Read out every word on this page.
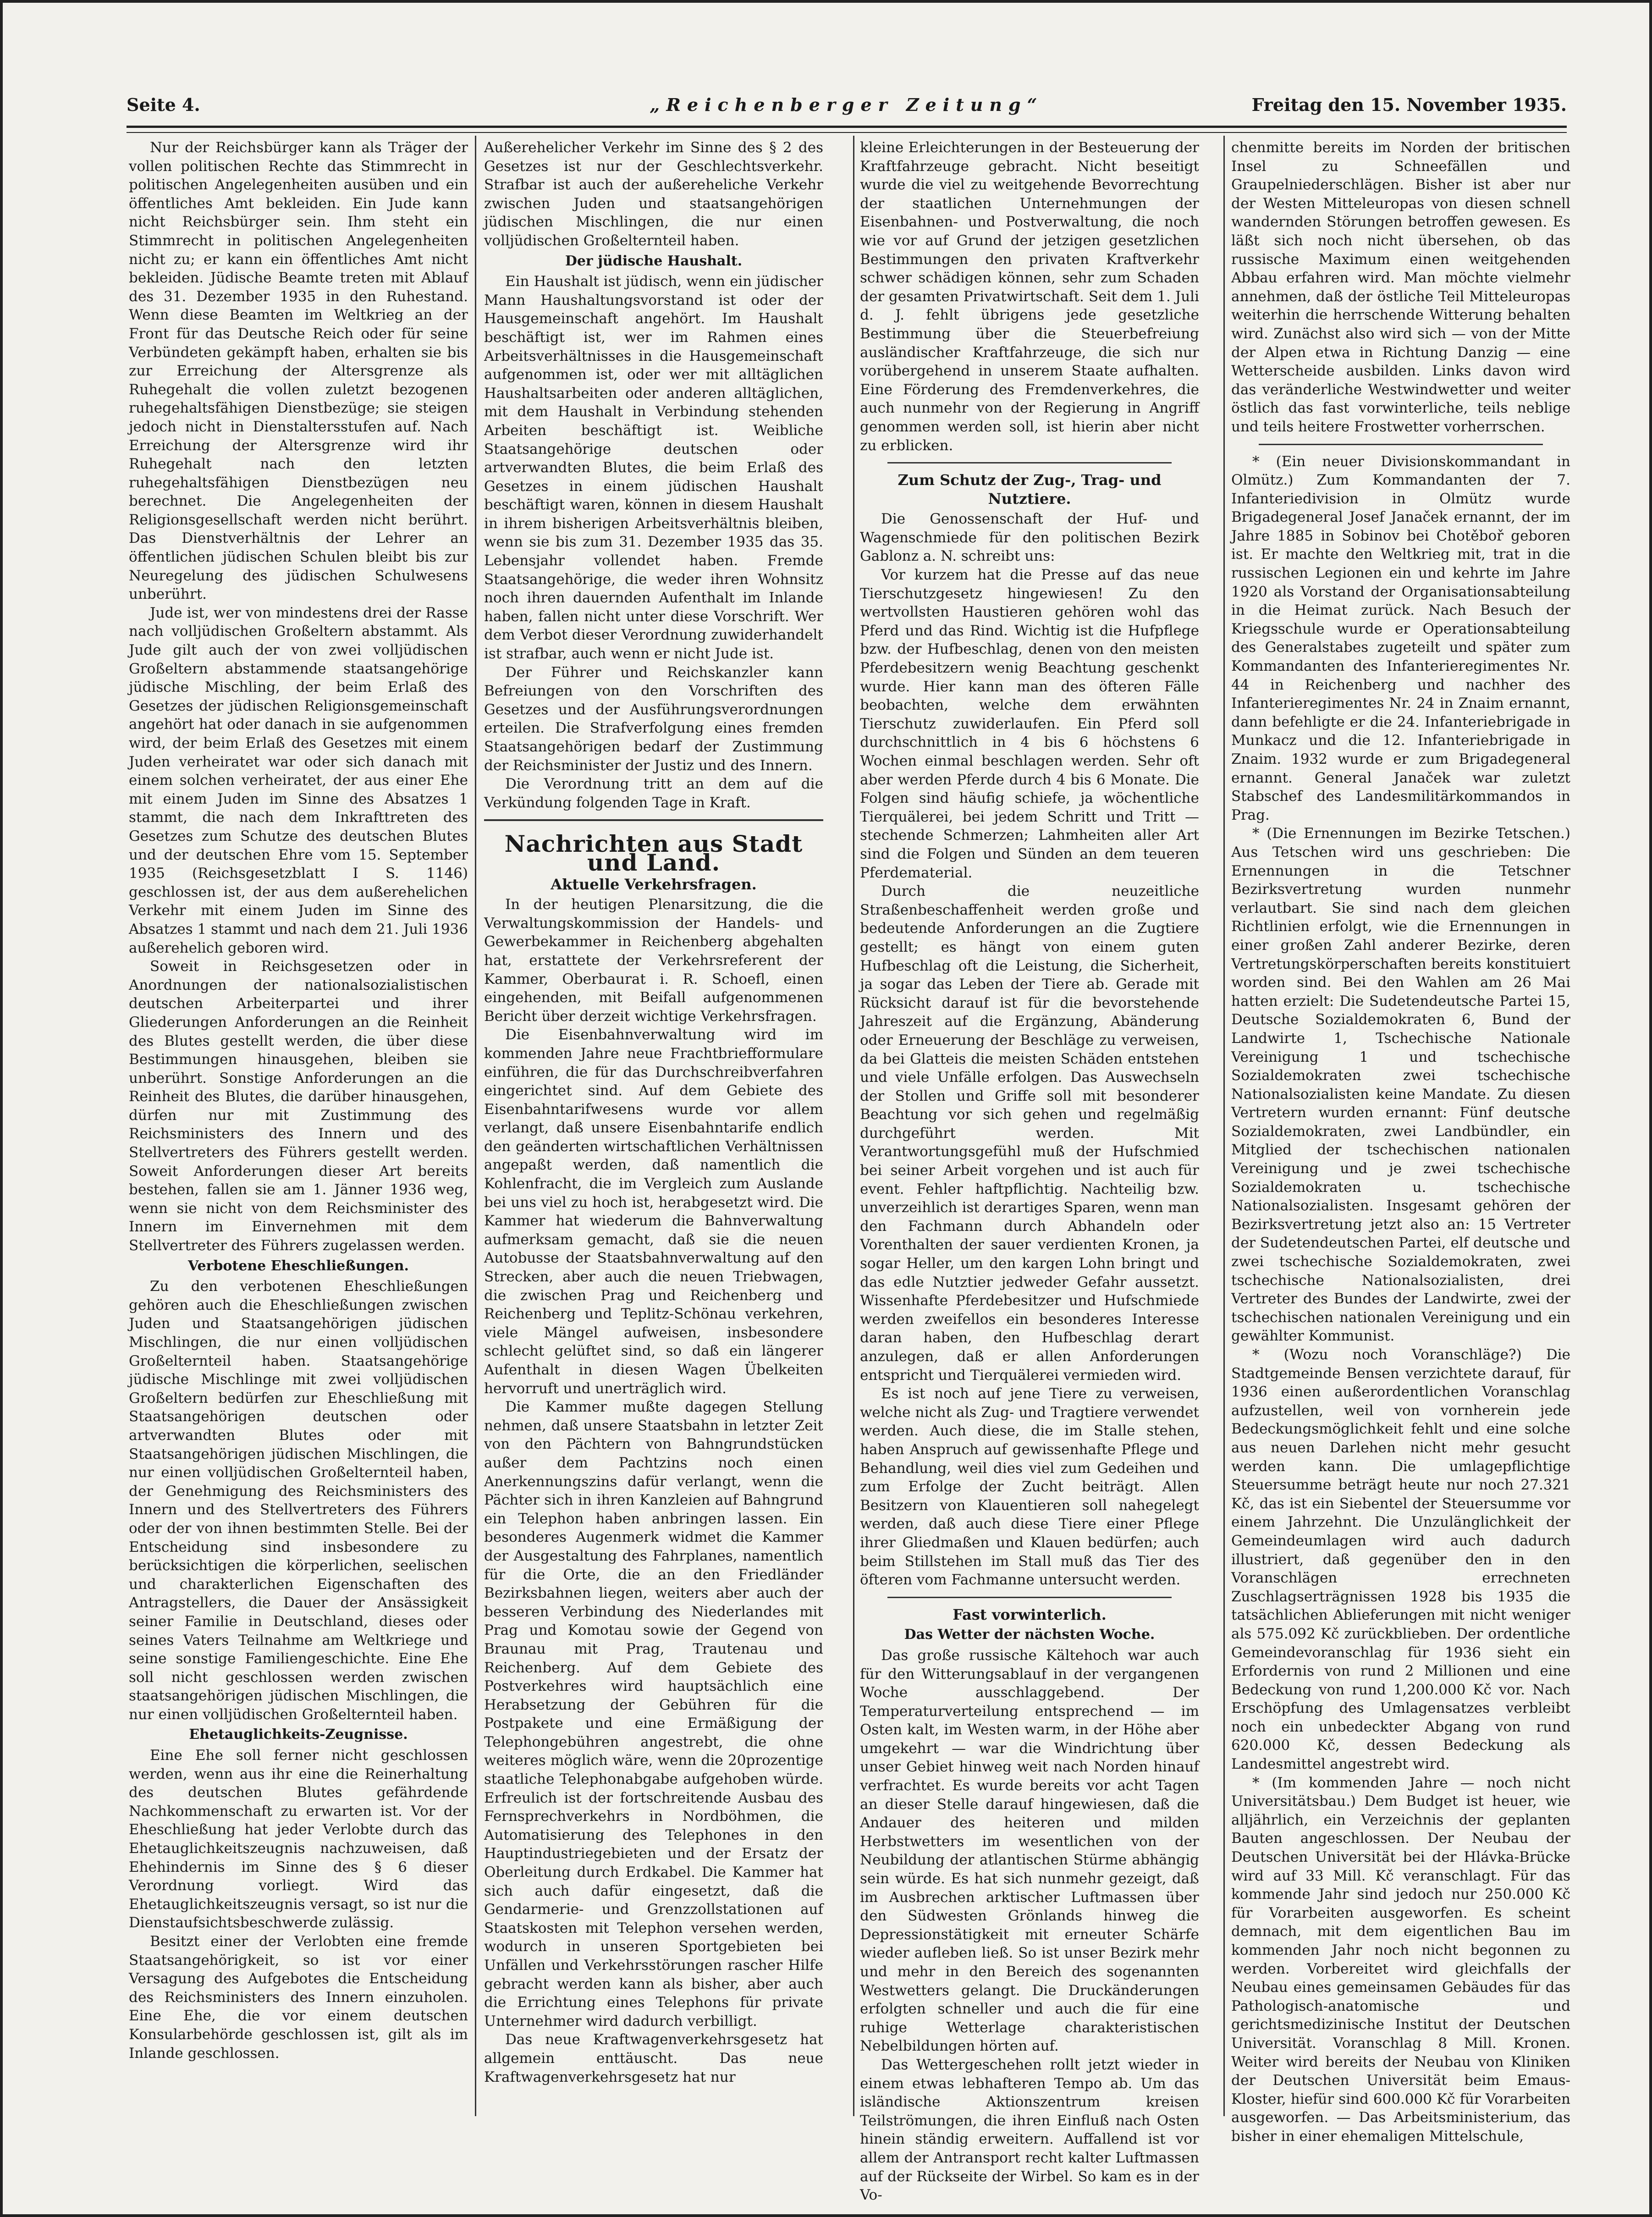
Seite 4.	„Reichenberger Zeitung“	Freitag den 15. November 1935.

Nur der Reichsbürger kann als Träger der vollen politischen Rechte das Stimmrecht in politischen Angelegenheiten ausüben und ein öffentliches Amt bekleiden. Ein Jude kann nicht Reichsbürger sein. Ihm steht ein Stimmrecht in politischen Angelegenheiten nicht zu; er kann ein öffentliches Amt nicht bekleiden. Jüdische Beamte treten mit Ablauf des 31. Dezember 1935 in den Ruhestand. Wenn diese Beamten im Weltkrieg an der Front für das Deutsche Reich oder für seine Verbündeten gekämpft haben, erhalten sie bis zur Erreichung der Altersgrenze als Ruhegehalt die vollen zuletzt bezogenen ruhegehaltsfähigen Dienstbezüge; sie steigen jedoch nicht in Dienstaltersstufen auf. Nach Erreichung der Altersgrenze wird ihr Ruhegehalt nach den letzten ruhegehaltsfähigen Dienstbezügen neu berechnet. Die Angelegenheiten der Religionsgesellschaft werden nicht berührt. Das Dienstverhältnis der Lehrer an öffentlichen jüdischen Schulen bleibt bis zur Neuregelung des jüdischen Schulwesens unberührt.

Jude ist, wer von mindestens drei der Rasse nach volljüdischen Großeltern abstammt. Als Jude gilt auch der von zwei volljüdischen Großeltern abstammende staatsangehörige jüdische Mischling, der beim Erlaß des Gesetzes der jüdischen Religionsgemeinschaft angehört hat oder danach in sie aufgenommen wird, der beim Erlaß des Gesetzes mit einem Juden verheiratet war oder sich danach mit einem solchen verheiratet, der aus einer Ehe mit einem Juden im Sinne des Absatzes 1 stammt, die nach dem Inkrafttreten des Gesetzes zum Schutze des deutschen Blutes und der deutschen Ehre vom 15. September 1935 (Reichsgesetzblatt I S. 1146) geschlossen ist, der aus dem außerehelichen Verkehr mit einem Juden im Sinne des Absatzes 1 stammt und nach dem 21. Juli 1936 außerehelich geboren wird.

Soweit in Reichsgesetzen oder in Anordnungen der nationalsozialistischen deutschen Arbeiterpartei und ihrer Gliederungen Anforderungen an die Reinheit des Blutes gestellt werden, die über diese Bestimmungen hinausgehen, bleiben sie unberührt. Sonstige Anforderungen an die Reinheit des Blutes, die darüber hinausgehen, dürfen nur mit Zustimmung des Reichsministers des Innern und des Stellvertreters des Führers gestellt werden. Soweit Anforderungen dieser Art bereits bestehen, fallen sie am 1. Jänner 1936 weg, wenn sie nicht von dem Reichsminister des Innern im Einvernehmen mit dem Stellvertreter des Führers zugelassen werden.

Verbotene Eheschließungen.

Zu den verbotenen Eheschließungen gehören auch die Eheschließungen zwischen Juden und Staatsangehörigen jüdischen Mischlingen, die nur einen volljüdischen Großelternteil haben. Staatsangehörige jüdische Mischlinge mit zwei volljüdischen Großeltern bedürfen zur Eheschließung mit Staatsangehörigen deutschen oder artverwandten Blutes oder mit Staatsangehörigen jüdischen Mischlingen, die nur einen volljüdischen Großelternteil haben, der Genehmigung des Reichsministers des Innern und des Stellvertreters des Führers oder der von ihnen bestimmten Stelle. Bei der Entscheidung sind insbesondere zu berücksichtigen die körperlichen, seelischen und charakterlichen Eigenschaften des Antragstellers, die Dauer der Ansässigkeit seiner Familie in Deutschland, dieses oder seines Vaters Teilnahme am Weltkriege und seine sonstige Familiengeschichte. Eine Ehe soll nicht geschlossen werden zwischen staatsangehörigen jüdischen Mischlingen, die nur einen volljüdischen Großelternteil haben.

Ehetauglichkeits-Zeugnisse.

Eine Ehe soll ferner nicht geschlossen werden, wenn aus ihr eine die Reinerhaltung des deutschen Blutes gefährdende Nachkommenschaft zu erwarten ist. Vor der Eheschließung hat jeder Verlobte durch das Ehetauglichkeitszeugnis nachzuweisen, daß Ehehindernis im Sinne des § 6 dieser Verordnung vorliegt. Wird das Ehetauglichkeitszeugnis versagt, so ist nur die Dienstaufsichtsbeschwerde zulässig.

Besitzt einer der Verlobten eine fremde Staatsangehörigkeit, so ist vor einer Versagung des Aufgebotes die Entscheidung des Reichsministers des Innern einzuholen. Eine Ehe, die vor einem deutschen Konsularbehörde geschlossen ist, gilt als im Inlande geschlossen.

Außerehelicher Verkehr im Sinne des § 2 des Gesetzes ist nur der Geschlechtsverkehr. Strafbar ist auch der außereheliche Verkehr zwischen Juden und staatsangehörigen jüdischen Mischlingen, die nur einen volljüdischen Großelternteil haben.

Der jüdische Haushalt.

Ein Haushalt ist jüdisch, wenn ein jüdischer Mann Haushaltungsvorstand ist oder der Hausgemeinschaft angehört. Im Haushalt beschäftigt ist, wer im Rahmen eines Arbeitsverhältnisses in die Hausgemeinschaft aufgenommen ist, oder wer mit alltäglichen Haushaltsarbeiten oder anderen alltäglichen, mit dem Haushalt in Verbindung stehenden Arbeiten beschäftigt ist. Weibliche Staatsangehörige deutschen oder artverwandten Blutes, die beim Erlaß des Gesetzes in einem jüdischen Haushalt beschäftigt waren, können in diesem Haushalt in ihrem bisherigen Arbeitsverhältnis bleiben, wenn sie bis zum 31. Dezember 1935 das 35. Lebensjahr vollendet haben. Fremde Staatsangehörige, die weder ihren Wohnsitz noch ihren dauernden Aufenthalt im Inlande haben, fallen nicht unter diese Vorschrift. Wer dem Verbot dieser Verordnung zuwiderhandelt ist strafbar, auch wenn er nicht Jude ist.

Der Führer und Reichskanzler kann Befreiungen von den Vorschriften des Gesetzes und der Ausführungsverordnungen erteilen. Die Strafverfolgung eines fremden Staatsangehörigen bedarf der Zustimmung der Reichsminister der Justiz und des Innern.

Die Verordnung tritt an dem auf die Verkündung folgenden Tage in Kraft.

Nachrichten aus Stadt und Land.
Aktuelle Verkehrsfragen.

In der heutigen Plenarsitzung, die die Verwaltungskommission der Handels- und Gewerbekammer in Reichenberg abgehalten hat, erstattete der Verkehrsreferent der Kammer, Oberbaurat i. R. Schoefl, einen eingehenden, mit Beifall aufgenommenen Bericht über derzeit wichtige Verkehrsfragen.

Die Eisenbahnverwaltung wird im kommenden Jahre neue Frachtbriefformulare einführen, die für das Durchschreibverfahren eingerichtet sind. Auf dem Gebiete des Eisenbahntarifwesens wurde vor allem verlangt, daß unsere Eisenbahntarife endlich den geänderten wirtschaftlichen Verhältnissen angepaßt werden, daß namentlich die Kohlenfracht, die im Vergleich zum Auslande bei uns viel zu hoch ist, herabgesetzt wird. Die Kammer hat wiederum die Bahnverwaltung aufmerksam gemacht, daß sie die neuen Autobusse der Staatsbahnverwaltung auf den Strecken, aber auch die neuen Triebwagen, die zwischen Prag und Reichenberg und Reichenberg und Teplitz-Schönau verkehren, viele Mängel aufweisen, insbesondere schlecht gelüftet sind, so daß ein längerer Aufenthalt in diesen Wagen Übelkeiten hervorruft und unerträglich wird.

Die Kammer mußte dagegen Stellung nehmen, daß unsere Staatsbahn in letzter Zeit von den Pächtern von Bahngrundstücken außer dem Pachtzins noch einen Anerkennungszins dafür verlangt, wenn die Pächter sich in ihren Kanzleien auf Bahngrund ein Telephon haben anbringen lassen. Ein besonderes Augenmerk widmet die Kammer der Ausgestaltung des Fahrplanes, namentlich für die Orte, die an den Friedländer Bezirksbahnen liegen, weiters aber auch der besseren Verbindung des Niederlandes mit Prag und Komotau sowie der Gegend von Braunau mit Prag, Trautenau und Reichenberg. Auf dem Gebiete des Postverkehres wird hauptsächlich eine Herabsetzung der Gebühren für die Postpakete und eine Ermäßigung der Telephongebühren angestrebt, die ohne weiteres möglich wäre, wenn die 20prozentige staatliche Telephonabgabe aufgehoben würde. Erfreulich ist der fortschreitende Ausbau des Fernsprechverkehrs in Nordböhmen, die Automatisierung des Telephones in den Hauptindustriegebieten und der Ersatz der Oberleitung durch Erdkabel. Die Kammer hat sich auch dafür eingesetzt, daß die Gendarmerie- und Grenzzollstationen auf Staatskosten mit Telephon versehen werden, wodurch in unseren Sportgebieten bei Unfällen und Verkehrsstörungen rascher Hilfe gebracht werden kann als bisher, aber auch die Errichtung eines Telephons für private Unternehmer wird dadurch verbilligt.

Das neue Kraftwagenverkehrsgesetz hat allgemein enttäuscht. Das neue Kraftwagenverkehrsgesetz hat nur

kleine Erleichterungen in der Besteuerung der Kraftfahrzeuge gebracht. Nicht beseitigt wurde die viel zu weitgehende Bevorrechtung der staatlichen Unternehmungen der Eisenbahnen- und Postverwaltung, die noch wie vor auf Grund der jetzigen gesetzlichen Bestimmungen den privaten Kraftverkehr schwer schädigen können, sehr zum Schaden der gesamten Privatwirtschaft. Seit dem 1. Juli d. J. fehlt übrigens jede gesetzliche Bestimmung über die Steuerbefreiung ausländischer Kraftfahrzeuge, die sich nur vorübergehend in unserem Staate aufhalten. Eine Förderung des Fremdenverkehres, die auch nunmehr von der Regierung in Angriff genommen werden soll, ist hierin aber nicht zu erblicken.

Zum Schutz der Zug-, Trag- und Nutztiere.

Die Genossenschaft der Huf- und Wagenschmiede für den politischen Bezirk Gablonz a. N. schreibt uns:

Vor kurzem hat die Presse auf das neue Tierschutzgesetz hingewiesen! Zu den wertvollsten Haustieren gehören wohl das Pferd und das Rind. Wichtig ist die Hufpflege bzw. der Hufbeschlag, denen von den meisten Pferdebesitzern wenig Beachtung geschenkt wurde. Hier kann man des öfteren Fälle beobachten, welche dem erwähnten Tierschutz zuwiderlaufen. Ein Pferd soll durchschnittlich in 4 bis 6 höchstens 6 Wochen einmal beschlagen werden. Sehr oft aber werden Pferde durch 4 bis 6 Monate. Die Folgen sind häufig schiefe, ja wöchentliche Tierquälerei, bei jedem Schritt und Tritt — stechende Schmerzen; Lahmheiten aller Art sind die Folgen und Sünden an dem teueren Pferdematerial.

Durch die neuzeitliche Straßenbeschaffenheit werden große und bedeutende Anforderungen an die Zugtiere gestellt; es hängt von einem guten Hufbeschlag oft die Leistung, die Sicherheit, ja sogar das Leben der Tiere ab. Gerade mit Rücksicht darauf ist für die bevorstehende Jahreszeit auf die Ergänzung, Abänderung oder Erneuerung der Beschläge zu verweisen, da bei Glatteis die meisten Schäden entstehen und viele Unfälle erfolgen. Das Auswechseln der Stollen und Griffe soll mit besonderer Beachtung vor sich gehen und regelmäßig durchgeführt werden. Mit Verantwortungsgefühl muß der Hufschmied bei seiner Arbeit vorgehen und ist auch für event. Fehler haftpflichtig. Nachteilig bzw. unverzeihlich ist derartiges Sparen, wenn man den Fachmann durch Abhandeln oder Vorenthalten der sauer verdienten Kronen, ja sogar Heller, um den kargen Lohn bringt und das edle Nutztier jedweder Gefahr aussetzt. Wissenhafte Pferdebesitzer und Hufschmiede werden zweifellos ein besonderes Interesse daran haben, den Hufbeschlag derart anzulegen, daß er allen Anforderungen entspricht und Tierquälerei vermieden wird.

Es ist noch auf jene Tiere zu verweisen, welche nicht als Zug- und Tragtiere verwendet werden. Auch diese, die im Stalle stehen, haben Anspruch auf gewissenhafte Pflege und Behandlung, weil dies viel zum Gedeihen und zum Erfolge der Zucht beiträgt. Allen Besitzern von Klauentieren soll nahegelegt werden, daß auch diese Tiere einer Pflege ihrer Gliedmaßen und Klauen bedürfen; auch beim Stillstehen im Stall muß das Tier des öfteren vom Fachmanne untersucht werden.

Fast vorwinterlich.
Das Wetter der nächsten Woche.

Das große russische Kältehoch war auch für den Witterungsablauf in der vergangenen Woche ausschlaggebend. Der Temperaturverteilung entsprechend — im Osten kalt, im Westen warm, in der Höhe aber umgekehrt — war die Windrichtung über unser Gebiet hinweg weit nach Norden hinauf verfrachtet. Es wurde bereits vor acht Tagen an dieser Stelle darauf hingewiesen, daß die Andauer des heiteren und milden Herbstwetters im wesentlichen von der Neubildung der atlantischen Stürme abhängig sein würde. Es hat sich nunmehr gezeigt, daß im Ausbrechen arktischer Luftmassen über den Südwesten Grönlands hinweg die Depressionstätigkeit mit erneuter Schärfe wieder aufleben ließ. So ist unser Bezirk mehr und mehr in den Bereich des sogenannten Westwetters gelangt. Die Druckänderungen erfolgten schneller und auch die für eine ruhige Wetterlage charakteristischen Nebelbildungen hörten auf.

Das Wettergeschehen rollt jetzt wieder in einem etwas lebhafteren Tempo ab. Um das isländische Aktionszentrum kreisen Teilströmungen, die ihren Einfluß nach Osten hinein ständig erweitern. Auffallend ist vor allem der Antransport recht kalter Luftmassen auf der Rückseite der Wirbel. So kam es in der Vo-

chenmitte bereits im Norden der britischen Insel zu Schneefällen und Graupelniederschlägen. Bisher ist aber nur der Westen Mitteleuropas von diesen schnell wandernden Störungen betroffen gewesen. Es läßt sich noch nicht übersehen, ob das russische Maximum einen weitgehenden Abbau erfahren wird. Man möchte vielmehr annehmen, daß der östliche Teil Mitteleuropas weiterhin die herrschende Witterung behalten wird. Zunächst also wird sich — von der Mitte der Alpen etwa in Richtung Danzig — eine Wetterscheide ausbilden. Links davon wird das veränderliche Westwindwetter und weiter östlich das fast vorwinterliche, teils neblige und teils heitere Frostwetter vorherrschen.

* (Ein neuer Divisionskommandant in Olmütz.) Zum Kommandanten der 7. Infanteriedivision in Olmütz wurde Brigadegeneral Josef Janaček ernannt, der im Jahre 1885 in Sobinov bei Chotěboř geboren ist. Er machte den Weltkrieg mit, trat in die russischen Legionen ein und kehrte im Jahre 1920 als Vorstand der Organisationsabteilung in die Heimat zurück. Nach Besuch der Kriegsschule wurde er Operationsabteilung des Generalstabes zugeteilt und später zum Kommandanten des Infanterieregimentes Nr. 44 in Reichenberg und nachher des Infanterieregimentes Nr. 24 in Znaim ernannt, dann befehligte er die 24. Infanteriebrigade in Munkacz und die 12. Infanteriebrigade in Znaim. 1932 wurde er zum Brigadegeneral ernannt. General Janaček war zuletzt Stabschef des Landesmilitärkommandos in Prag.

* (Die Ernennungen im Bezirke Tetschen.) Aus Tetschen wird uns geschrieben: Die Ernennungen in die Tetschner Bezirksvertretung wurden nunmehr verlautbart. Sie sind nach dem gleichen Richtlinien erfolgt, wie die Ernennungen in einer großen Zahl anderer Bezirke, deren Vertretungskörperschaften bereits konstituiert worden sind. Bei den Wahlen am 26 Mai hatten erzielt: Die Sudetendeutsche Partei 15, Deutsche Sozialdemokraten 6, Bund der Landwirte 1, Tschechische Nationale Vereinigung 1 und tschechische Sozialdemokraten zwei tschechische Nationalsozialisten keine Mandate. Zu diesen Vertretern wurden ernannt: Fünf deutsche Sozialdemokraten, zwei Landbündler, ein Mitglied der tschechischen nationalen Vereinigung und je zwei tschechische Sozialdemokraten u. tschechische Nationalsozialisten. Insgesamt gehören der Bezirksvertretung jetzt also an: 15 Vertreter der Sudetendeutschen Partei, elf deutsche und zwei tschechische Sozialdemokraten, zwei tschechische Nationalsozialisten, drei Vertreter des Bundes der Landwirte, zwei der tschechischen nationalen Vereinigung und ein gewählter Kommunist.

* (Wozu noch Voranschläge?) Die Stadtgemeinde Bensen verzichtete darauf, für 1936 einen außerordentlichen Voranschlag aufzustellen, weil von vornherein jede Bedeckungsmöglichkeit fehlt und eine solche aus neuen Darlehen nicht mehr gesucht werden kann. Die umlagepflichtige Steuersumme beträgt heute nur noch 27.321 Kč, das ist ein Siebentel der Steuersumme vor einem Jahrzehnt. Die Unzulänglichkeit der Gemeindeumlagen wird auch dadurch illustriert, daß gegenüber den in den Voranschlägen errechneten Zuschlagserträgnissen 1928 bis 1935 die tatsächlichen Ablieferungen mit nicht weniger als 575.092 Kč zurückblieben. Der ordentliche Gemeindevoranschlag für 1936 sieht ein Erfordernis von rund 2 Millionen und eine Bedeckung von rund 1,200.000 Kč vor. Nach Erschöpfung des Umlagensatzes verbleibt noch ein unbedeckter Abgang von rund 620.000 Kč, dessen Bedeckung als Landesmittel angestrebt wird.

* (Im kommenden Jahre — noch nicht Universitätsbau.) Dem Budget ist heuer, wie alljährlich, ein Verzeichnis der geplanten Bauten angeschlossen. Der Neubau der Deutschen Universität bei der Hlávka-Brücke wird auf 33 Mill. Kč veranschlagt. Für das kommende Jahr sind jedoch nur 250.000 Kč für Vorarbeiten ausgeworfen. Es scheint demnach, mit dem eigentlichen Bau im kommenden Jahr noch nicht begonnen zu werden. Vorbereitet wird gleichfalls der Neubau eines gemeinsamen Gebäudes für das Pathologisch-anatomische und gerichtsmedizinische Institut der Deutschen Universität. Voranschlag 8 Mill. Kronen. Weiter wird bereits der Neubau von Kliniken der Deutschen Universität beim Emaus-Kloster, hiefür sind 600.000 Kč für Vorarbeiten ausgeworfen. — Das Arbeitsministerium, das bisher in einer ehemaligen Mittelschule,
